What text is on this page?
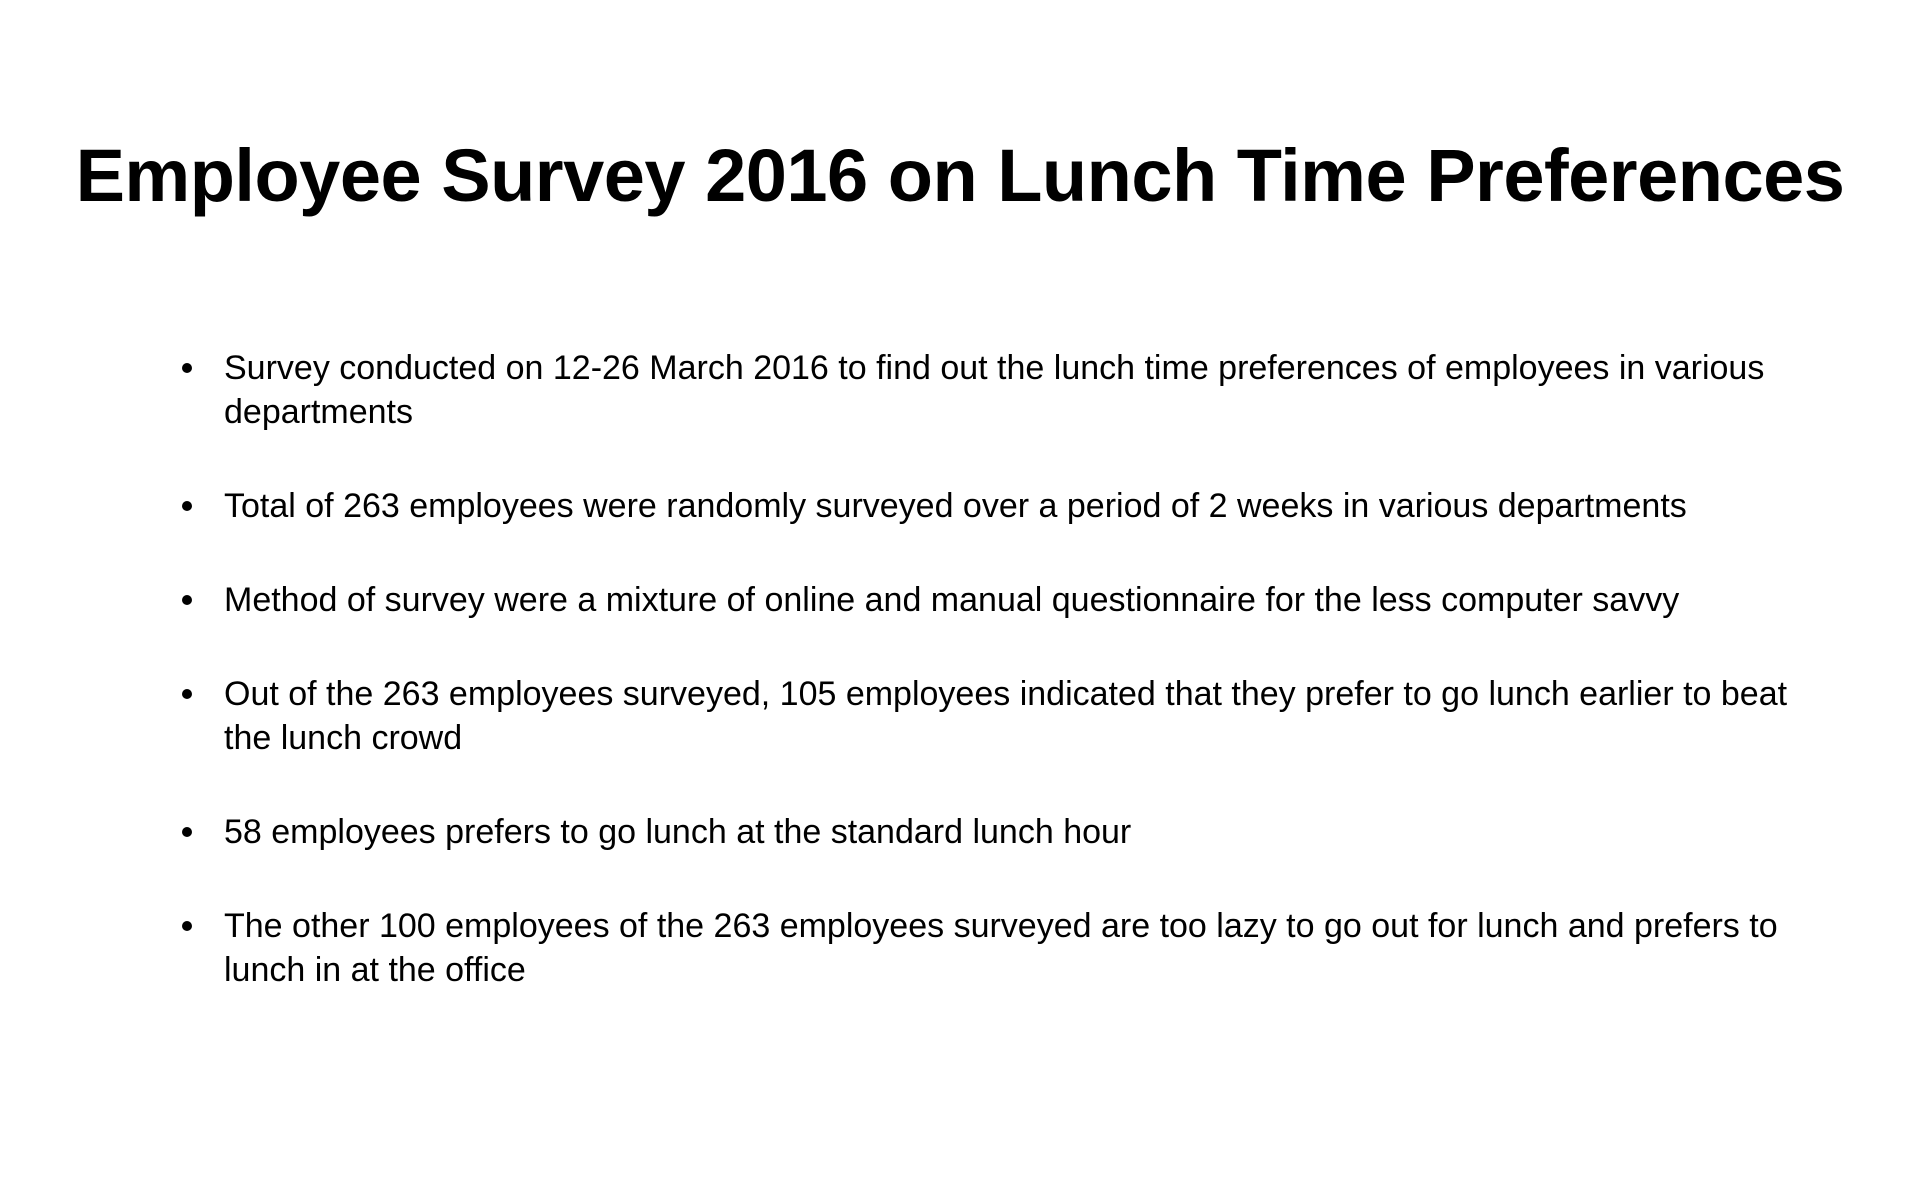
Employee Survey 2016 on Lunch Time Preferences
Survey conducted on 12-26 March 2016 to find out the lunch time preferences of employees in various departments
Total of 263 employees were randomly surveyed over a period of 2 weeks in various departments
Method of survey were a mixture of online and manual questionnaire for the less computer savvy
Out of the 263 employees surveyed, 105 employees indicated that they prefer to go lunch earlier to beat the lunch crowd
58 employees prefers to go lunch at the standard lunch hour
The other 100 employees of the 263 employees surveyed are too lazy to go out for lunch and prefers to lunch in at the office
